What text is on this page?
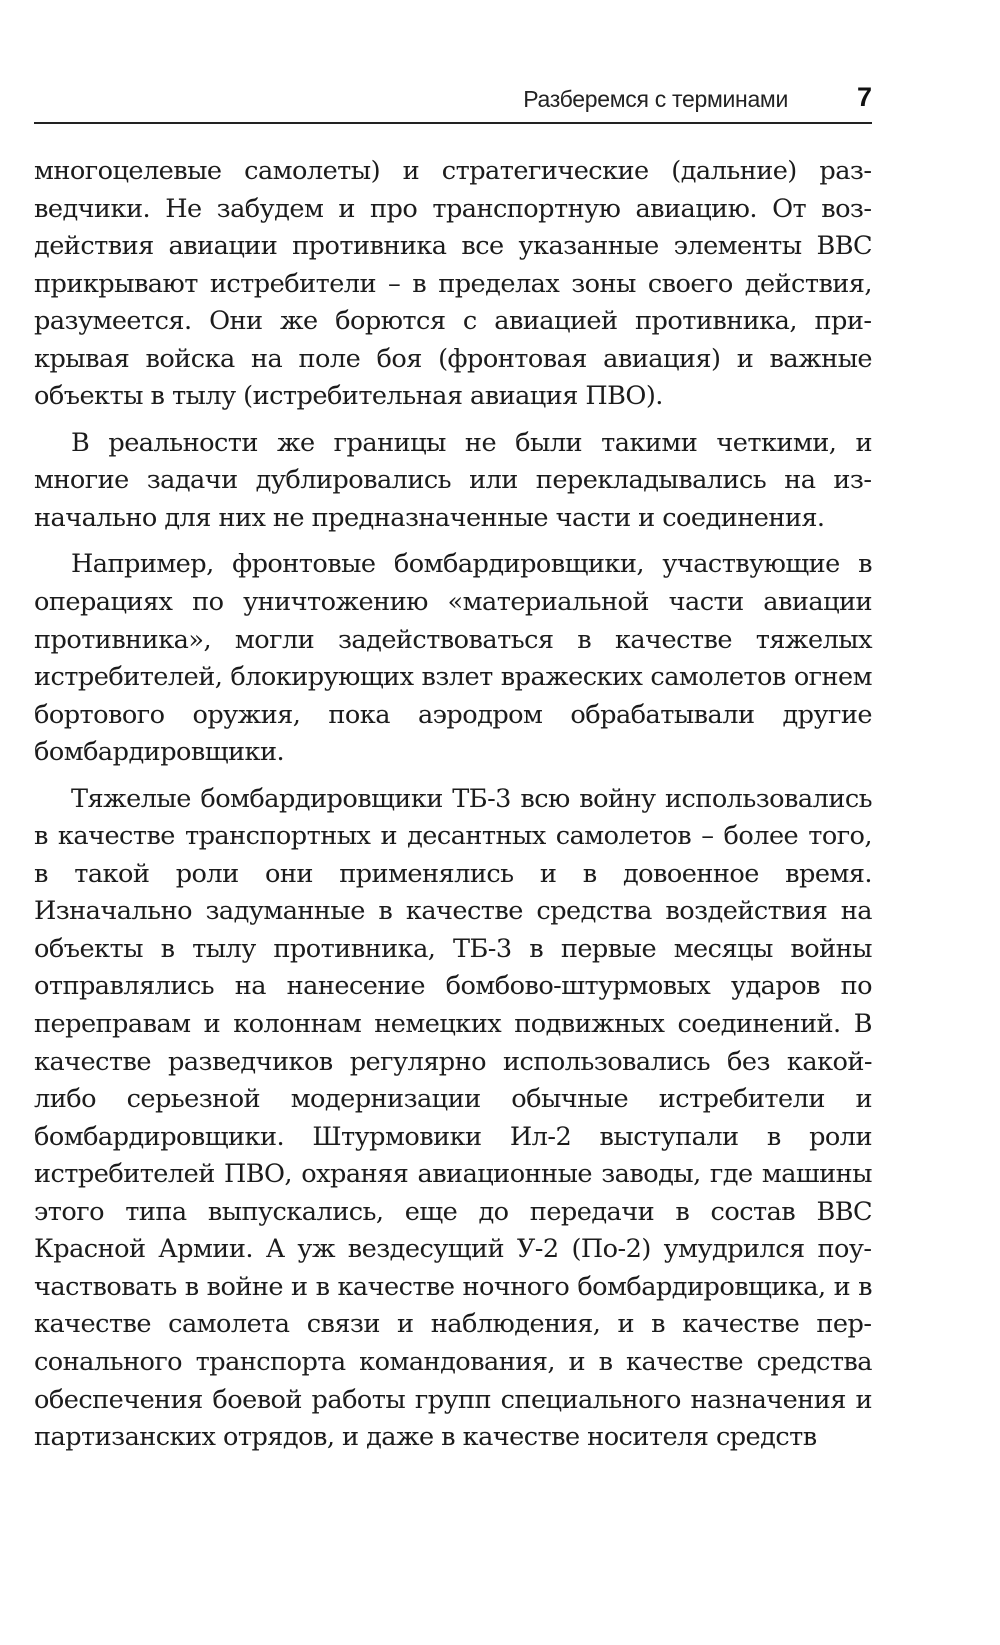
Разберемся с терминами	7

многоцелевые самолеты) и стратегические (дальние) разведчики. Не забудем и про транспортную авиацию. От воздействия авиации противника все указанные элементы ВВС прикрывают истребители – в пределах зоны своего действия, разумеется. Они же борются с авиацией противника, прикрывая войска на поле боя (фронтовая авиация) и важные объекты в тылу (истребительная авиация ПВО).

В реальности же границы не были такими четкими, и многие задачи дублировались или перекладывались на изначально для них не предназначенные части и соединения.

Например, фронтовые бомбардировщики, участвующие в операциях по уничтожению «материальной части авиации противника», могли задействоваться в качестве тяжелых истребителей, блокирующих взлет вражеских самолетов огнем бортового оружия, пока аэродром обрабатывали другие бомбардировщики.

Тяжелые бомбардировщики ТБ-3 всю войну использовались в качестве транспортных и десантных самолетов – более того, в такой роли они применялись и в довоенное время. Изначально задуманные в качестве средства воздействия на объекты в тылу противника, ТБ-3 в первые месяцы войны отправлялись на нанесение бомбово-штурмовых ударов по переправам и колоннам немецких подвижных соединений. В качестве разведчиков регулярно использовались без какой-либо серьезной модернизации обычные истребители и бомбардировщики. Штурмовики Ил-2 выступали в роли истребителей ПВО, охраняя авиационные заводы, где машины этого типа выпускались, еще до передачи в состав ВВС Красной Армии. А уж вездесущий У-2 (По-2) умудрился поучаствовать в войне и в качестве ночного бомбардировщика, и в качестве самолета связи и наблюдения, и в качестве персонального транспорта командования, и в качестве средства обеспечения боевой работы групп специального назначения и партизанских отрядов, и даже в качестве носителя средств
